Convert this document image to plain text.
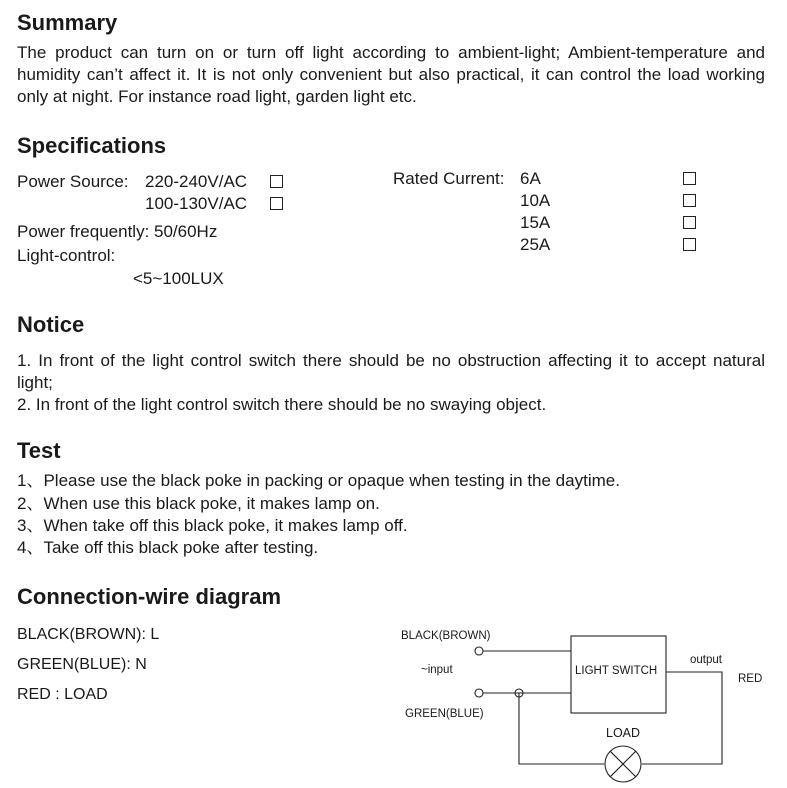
Summary

The product can turn on or turn off light according to ambient-light; Ambient-temperature and humidity can’t affect it. It is not only convenient but also practical, it can control the load working only at night. For instance road light, garden light etc.

Specifications
Power Source: 220-240V/AC
100-130V/AC
Power frequently: 50/60Hz
Light-control:
<5~100LUX
Rated Current: 6A
10A
15A
25A
Notice

1. In front of the light control switch there should be no obstruction affecting it to accept natural light;

2. In front of the light control switch there should be no swaying object.

Test

1、Please use the black poke in packing or opaque when testing in the daytime.

2、When use this black poke, it makes lamp on.

3、When take off this black poke, it makes lamp off.

4、Take off this black poke after testing.

Connection-wire diagram
BLACK(BROWN): L
GREEN(BLUE): N
RED : LOAD
BLACK(BROWN)
~input
GREEN(BLUE)
LIGHT SWITCH
output
RED
LOAD
